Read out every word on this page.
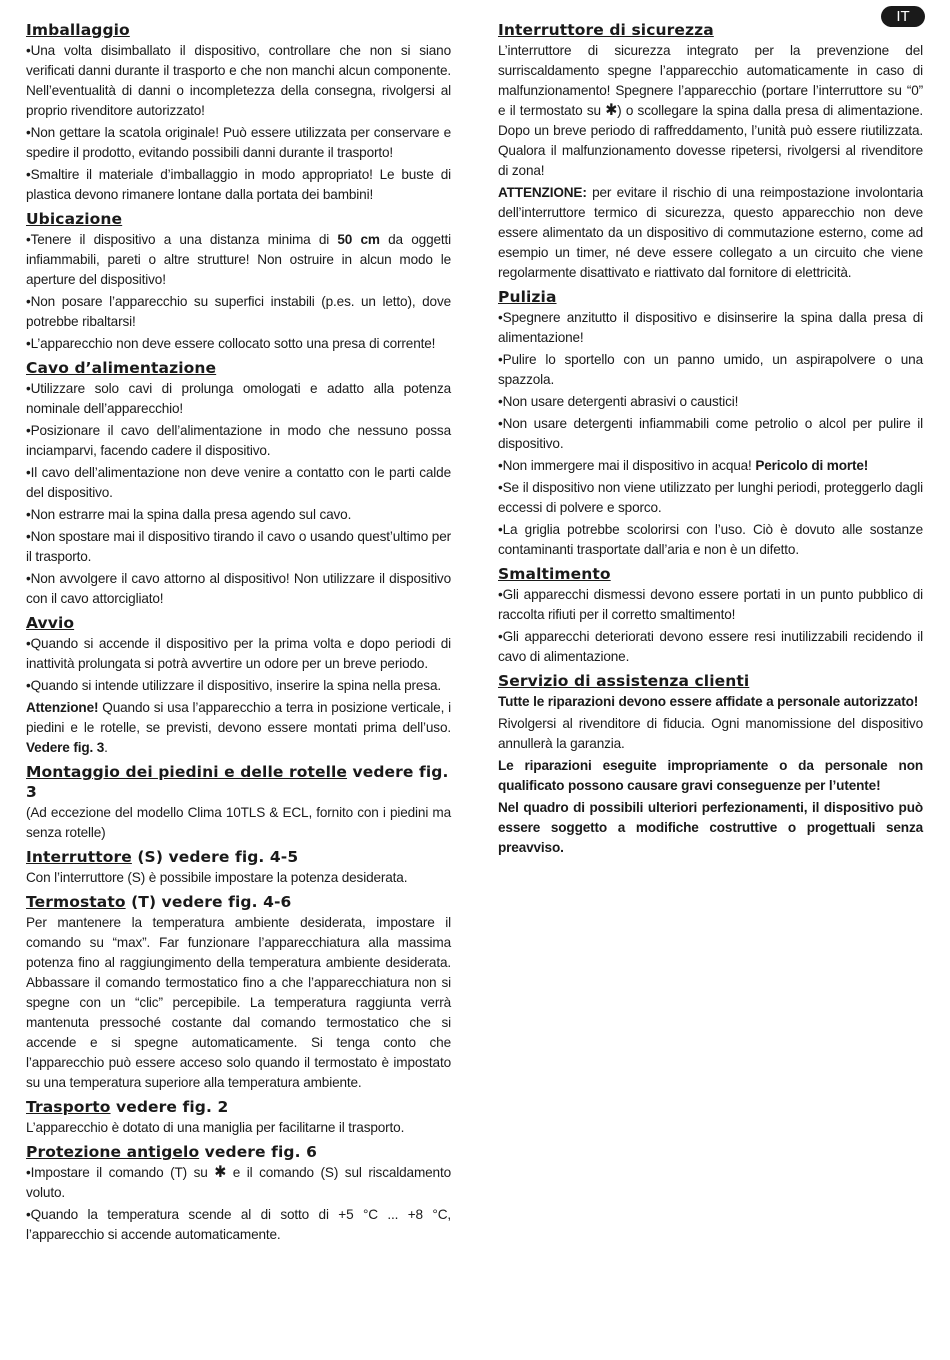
IT
Imballaggio
•Una volta disimballato il dispositivo, controllare che non si siano verificati danni durante il trasporto e che non manchi alcun componente. Nell’eventualità di danni o incompletezza della consegna, rivolgersi al proprio rivenditore autorizzato!
•Non gettare la scatola originale! Può essere utilizzata per conservare e spedire il prodotto, evitando possibili danni durante il trasporto!
•Smaltire il materiale d’imballaggio in modo appropriato! Le buste di plastica devono rimanere lontane dalla portata dei bambini!
Ubicazione
•Tenere il dispositivo a una distanza minima di 50 cm da oggetti infiammabili, pareti o altre strutture! Non ostruire in alcun modo le aperture del dispositivo!
•Non posare l’apparecchio su superfici instabili (p.es. un letto), dove potrebbe ribaltarsi!
•L’apparecchio non deve essere collocato sotto una presa di corrente!
Cavo d’alimentazione
•Utilizzare solo cavi di prolunga omologati e adatto alla potenza nominale dell’apparecchio!
•Posizionare il cavo dell’alimentazione in modo che nessuno possa inciamparvi, facendo cadere il dispositivo.
•Il cavo dell’alimentazione non deve venire a contatto con le parti calde del dispositivo.
•Non estrarre mai la spina dalla presa agendo sul cavo.
•Non spostare mai il dispositivo tirando il cavo o usando quest’ultimo per il trasporto.
•Non avvolgere il cavo attorno al dispositivo! Non utilizzare il dispositivo con il cavo attorcigliato!
Avvio
•Quando si accende il dispositivo per la prima volta e dopo periodi di inattività prolungata si potrà avvertire un odore per un breve periodo.
•Quando si intende utilizzare il dispositivo, inserire la spina nella presa.
Attenzione! Quando si usa l’apparecchio a terra in posizione verticale, i piedini e le rotelle, se previsti, devono essere montati prima dell’uso. Vedere fig. 3.
Montaggio dei piedini e delle rotelle vedere fig. 3
(Ad eccezione del modello Clima 10TLS & ECL, fornito con i piedini ma senza rotelle)
Interruttore (S) vedere fig. 4-5
Con l’interruttore (S) è possibile impostare la potenza desiderata.
Termostato (T) vedere fig. 4-6
Per mantenere la temperatura ambiente desiderata, impostare il comando su “max”. Far funzionare l’apparecchiatura alla massima potenza fino al raggiungimento della temperatura ambiente desiderata. Abbassare il comando termostatico fino a che l’apparecchiatura non si spegne con un “clic” percepibile. La temperatura raggiunta verrà mantenuta pressoché costante dal comando termostatico che si accende e si spegne automaticamente. Si tenga conto che l’apparecchio può essere acceso solo quando il termostato è impostato su una temperatura superiore alla temperatura ambiente.
Trasporto vedere fig. 2
L’apparecchio è dotato di una maniglia per facilitarne il trasporto.
Protezione antigelo vedere fig. 6
•Impostare il comando (T) su ✱ e il comando (S) sul riscaldamento voluto.
•Quando la temperatura scende al di sotto di +5 °C ... +8 °C, l’apparecchio si accende automaticamente.
Interruttore di sicurezza
L’interruttore di sicurezza integrato per la prevenzione del surriscaldamento spegne l’apparecchio automaticamente in caso di malfunzionamento! Spegnere l’apparecchio (portare l’interruttore su “0” e il termostato su ✱) o scollegare la spina dalla presa di alimentazione. Dopo un breve periodo di raffreddamento, l’unità può essere riutilizzata. Qualora il malfunzionamento dovesse ripetersi, rivolgersi al rivenditore di zona!
ATTENZIONE: per evitare il rischio di una reimpostazione involontaria dell’interruttore termico di sicurezza, questo apparecchio non deve essere alimentato da un dispositivo di commutazione esterno, come ad esempio un timer, né deve essere collegato a un circuito che viene regolarmente disattivato e riattivato dal fornitore di elettricità.
Pulizia
•Spegnere anzitutto il dispositivo e disinserire la spina dalla presa di alimentazione!
•Pulire lo sportello con un panno umido, un aspirapolvere o una spazzola.
•Non usare detergenti abrasivi o caustici!
•Non usare detergenti infiammabili come petrolio o alcol per pulire il dispositivo.
•Non immergere mai il dispositivo in acqua! Pericolo di morte!
•Se il dispositivo non viene utilizzato per lunghi periodi, proteggerlo dagli eccessi di polvere e sporco.
•La griglia potrebbe scolorirsi con l’uso. Ciò è dovuto alle sostanze contaminanti trasportate dall’aria e non è un difetto.
Smaltimento
•Gli apparecchi dismessi devono essere portati in un punto pubblico di raccolta rifiuti per il corretto smaltimento!
•Gli apparecchi deteriorati devono essere resi inutilizzabili recidendo il cavo di alimentazione.
Servizio di assistenza clienti
Tutte le riparazioni devono essere affidate a personale autorizzato!
Rivolgersi al rivenditore di fiducia. Ogni manomissione del dispositivo annullerà la garanzia.
Le riparazioni eseguite impropriamente o da personale non qualificato possono causare gravi conseguenze per l’utente!
Nel quadro di possibili ulteriori perfezionamenti, il dispositivo può essere soggetto a modifiche costruttive o progettuali senza preavviso.
